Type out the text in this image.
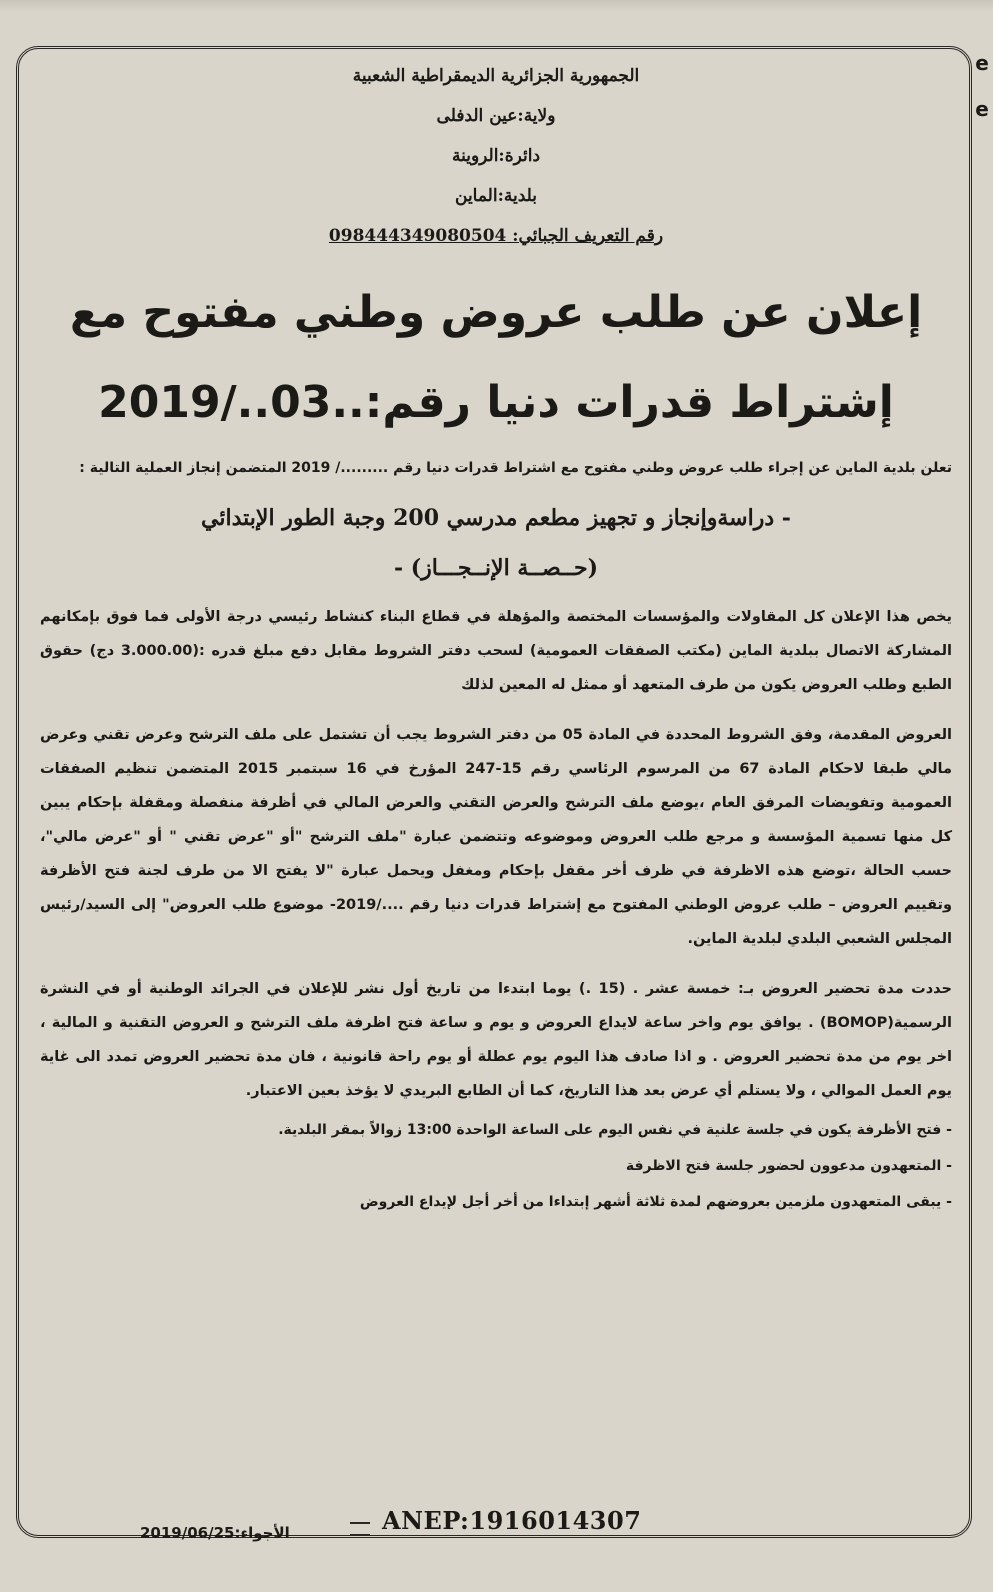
e e

الجمهورية الجزائرية الديمقراطية الشعبية

ولاية:عين الدفلى

دائرة:الروينة

بلدية:الماين

رقم التعريف الجبائي: 098444349080504

إعلان عن طلب عروض وطني مفتوح مع
إشتراط قدرات دنيا رقم:..03../2019

تعلن بلدية الماين عن إجراء طلب عروض وطني مفتوح مع اشتراط قدرات دنيا رقم ........./ 2019 المتضمن إنجاز العملية التالية :

- دراسةوإنجاز و تجهيز مطعم مدرسي 200 وجبة الطور الإبتدائي

(حــصــة الإنــجـــاز) -

يخص هذا الإعلان كل المقاولات والمؤسسات المختصة والمؤهلة في قطاع البناء كنشاط رئيسي درجة الأولى فما فوق بإمكانهم المشاركة الاتصال ببلدية الماين (مكتب الصفقات العمومية) لسحب دفتر الشروط مقابل دفع مبلغ قدره :(3.000.00 دج) حقوق الطبع وطلب العروض يكون من طرف المتعهد أو ممثل له المعين لذلك

العروض المقدمة، وفق الشروط المحددة في المادة 05 من دفتر الشروط يجب أن تشتمل على ملف الترشح وعرض تقني وعرض مالي طبقا لاحكام المادة 67 من المرسوم الرئاسي رقم 15-247 المؤرخ في 16 سبتمبر 2015 المتضمن تنظيم الصفقات العمومية وتفويضات المرفق العام ،يوضع ملف الترشح والعرض التقني والعرض المالي في أظرفة منفصلة ومقفلة بإحكام يبين كل منها تسمية المؤسسة و مرجع طلب العروض وموضوعه وتتضمن عبارة "ملف الترشح "أو "عرض تقني " أو "عرض مالي"، حسب الحالة ،توضع هذه الاظرفة في ظرف أخر مقفل بإحكام ومغفل ويحمل عبارة "لا يفتح الا من طرف لجنة فتح الأظرفة وتقييم العروض – طلب عروض الوطني المفتوح مع إشتراط قدرات دنيا رقم ..../2019- موضوع طلب العروض" إلى السيد/رئيس المجلس الشعبي البلدي لبلدية الماين.

حددت مدة تحضير العروض بـ: خمسة عشر . (15 .) يوما ابتدءا من تاريخ أول نشر للإعلان في الجرائد الوطنية أو في النشرة الرسمية(BOMOP) . يوافق يوم واخر ساعة لايداع العروض و يوم و ساعة فتح اظرفة ملف الترشح و العروض التقنية و المالية ، اخر يوم من مدة تحضير العروض . و اذا صادف هذا اليوم يوم عطلة أو يوم راحة قانونية ، فان مدة تحضير العروض تمدد الى غاية يوم العمل الموالي ، ولا يستلم أي عرض بعد هذا التاريخ، كما أن الطابع البريدي لا يؤخذ بعين الاعتبار.

- فتح الأظرفة يكون في جلسة علنية في نفس اليوم على الساعة الواحدة 13:00 زوالاً بمقر البلدية.
- المتعهدون مدعوون لحضور جلسة فتح الاظرفة
- يبقى المتعهدون ملزمين بعروضهم لمدة ثلاثة أشهر إبتداءا من أخر أجل لإيداع العروض
الأجواء:2019/06/25	ANEP:1916014307
